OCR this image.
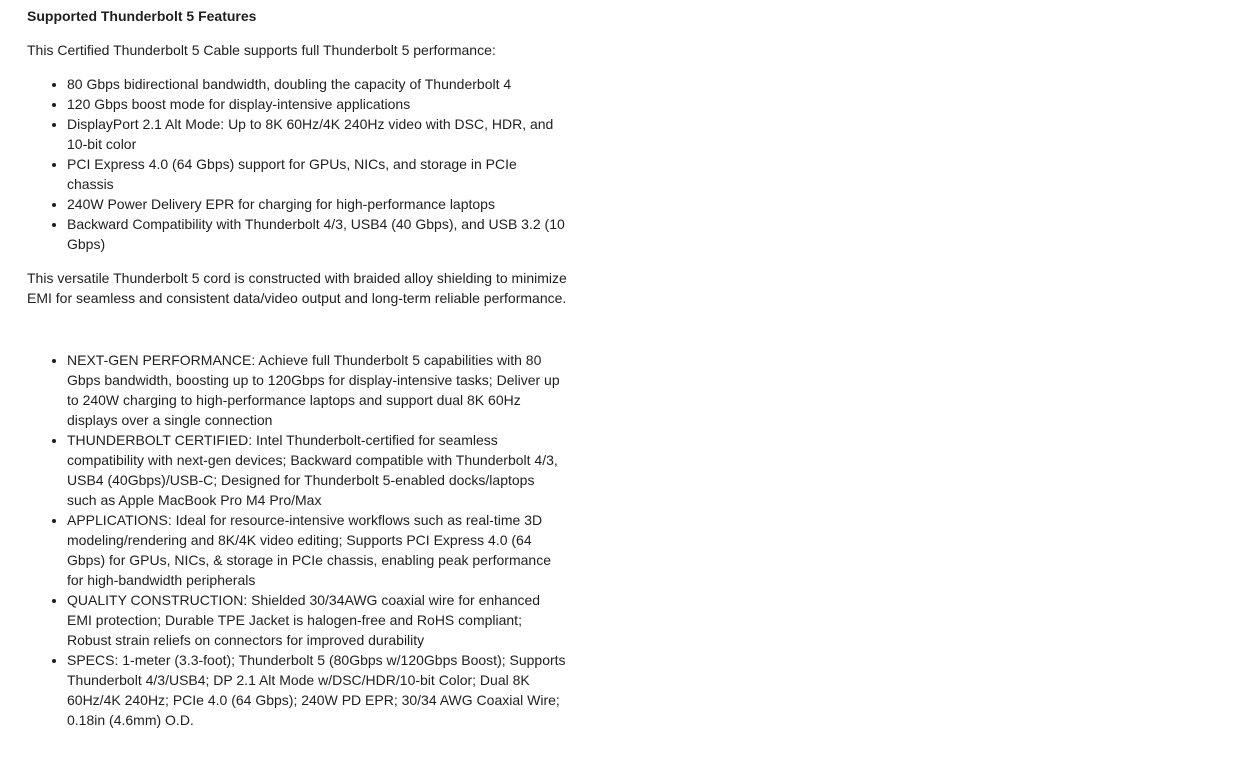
Supported Thunderbolt 5 Features
This Certified Thunderbolt 5 Cable supports full Thunderbolt 5 performance:
• 80 Gbps bidirectional bandwidth, doubling the capacity of Thunderbolt 4
• 120 Gbps boost mode for display-intensive applications
• DisplayPort 2.1 Alt Mode: Up to 8K 60Hz/4K 240Hz video with DSC, HDR, and 10-bit color
• PCI Express 4.0 (64 Gbps) support for GPUs, NICs, and storage in PCIe chassis
• 240W Power Delivery EPR for charging for high-performance laptops
• Backward Compatibility with Thunderbolt 4/3, USB4 (40 Gbps), and USB 3.2 (10 Gbps)
This versatile Thunderbolt 5 cord is constructed with braided alloy shielding to minimize EMI for seamless and consistent data/video output and long-term reliable performance.
• NEXT-GEN PERFORMANCE: Achieve full Thunderbolt 5 capabilities with 80 Gbps bandwidth, boosting up to 120Gbps for display-intensive tasks; Deliver up to 240W charging to high-performance laptops and support dual 8K 60Hz displays over a single connection
• THUNDERBOLT CERTIFIED: Intel Thunderbolt-certified for seamless compatibility with next-gen devices; Backward compatible with Thunderbolt 4/3, USB4 (40Gbps)/USB-C; Designed for Thunderbolt 5-enabled docks/laptops such as Apple MacBook Pro M4 Pro/Max
• APPLICATIONS: Ideal for resource-intensive workflows such as real-time 3D modeling/rendering and 8K/4K video editing; Supports PCI Express 4.0 (64 Gbps) for GPUs, NICs, & storage in PCIe chassis, enabling peak performance for high-bandwidth peripherals
• QUALITY CONSTRUCTION: Shielded 30/34AWG coaxial wire for enhanced EMI protection; Durable TPE Jacket is halogen-free and RoHS compliant; Robust strain reliefs on connectors for improved durability
• SPECS: 1-meter (3.3-foot); Thunderbolt 5 (80Gbps w/120Gbps Boost); Supports Thunderbolt 4/3/USB4; DP 2.1 Alt Mode w/DSC/HDR/10-bit Color; Dual 8K 60Hz/4K 240Hz; PCIe 4.0 (64 Gbps); 240W PD EPR; 30/34 AWG Coaxial Wire; 0.18in (4.6mm) O.D.
